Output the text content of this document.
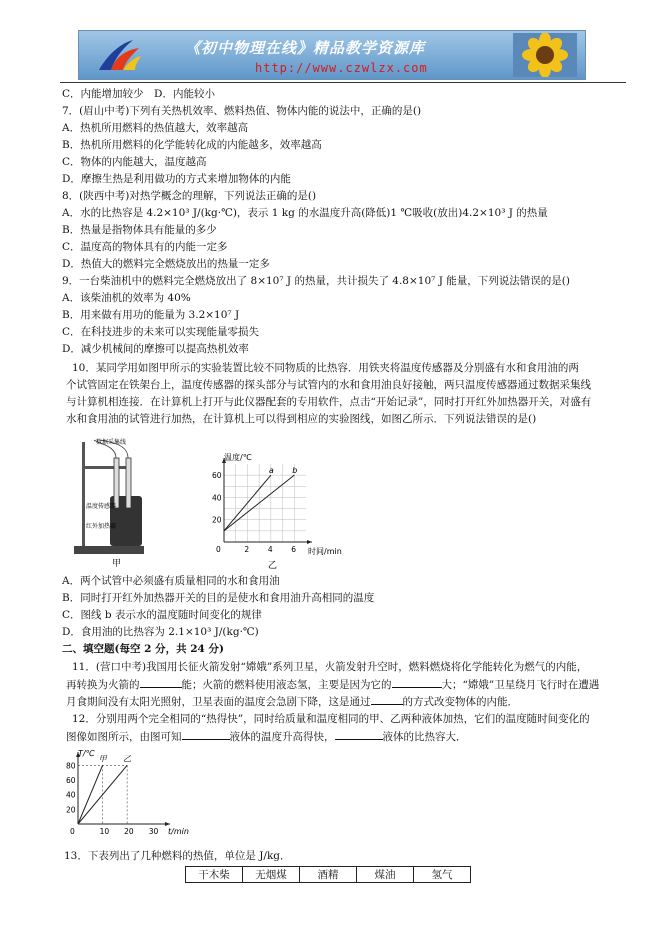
《初中物理在线》精品教学资源库
http://www.czwlzx.com
C．内能增加较少　D．内能较小
7．(眉山中考)下列有关热机效率、燃料热值、物体内能的说法中，正确的是()
A．热机所用燃料的热值越大，效率越高
B．热机所用燃料的化学能转化成的内能越多，效率越高
C．物体的内能越大，温度越高
D．摩擦生热是利用做功的方式来增加物体的内能
8．(陕西中考)对热学概念的理解，下列说法正确的是()
A．水的比热容是 4.2×10³ J/(kg·℃)，表示 1 kg 的水温度升高(降低)1 ℃吸收(放出)4.2×10³ J 的热量
B．热量是指物体具有能量的多少
C．温度高的物体具有的内能一定多
D．热值大的燃料完全燃烧放出的热量一定多
9．一台柴油机中的燃料完全燃烧放出了 8×10⁷ J 的热量，共计损失了 4.8×10⁷ J 能量，下列说法错误的是()
A．该柴油机的效率为 40%
B．用来做有用功的能量为 3.2×10⁷ J
C．在科技进步的未来可以实现能量零损失
D．减少机械间的摩擦可以提高热机效率
10．某同学用如图甲所示的实验装置比较不同物质的比热容．用铁夹将温度传感器及分别盛有水和食用油的两
个试管固定在铁架台上，温度传感器的探头部分与试管内的水和食用油良好接触，两只温度传感器通过数据采集线
与计算机相连接．在计算机上打开与此仪器配套的专用软件，点击“开始记录”，同时打开红外加热器开关，对盛有
水和食用油的试管进行加热，在计算机上可以得到相应的实验图线，如图乙所示．下列说法错误的是()
数据采集线
温度传感器
红外加热器
甲
a b
2 4 6
20
40
60
0
温度/℃
时间/min
乙
A．两个试管中必须盛有质量相同的水和食用油
B．同时打开红外加热器开关的目的是使水和食用油升高相同的温度
C．图线 b 表示水的温度随时间变化的规律
D．食用油的比热容为 2.1×10³ J/(kg·℃)
二、填空题(每空 2 分，共 24 分)
11．(营口中考)我国用长征火箭发射“嫦娥”系列卫星，火箭发射升空时，燃料燃烧将化学能转化为燃气的内能，
再转换为火箭的	能；火箭的燃料使用液态氢，主要是因为它的	大；“嫦娥”卫星绕月飞行时在遭遇
月食期间没有太阳光照射，卫星表面的温度会急剧下降，这是通过	的方式改变物体的内能．
12．分别用两个完全相同的“热得快”，同时给质量和温度相同的甲、乙两种液体加热，它们的温度随时间变化的
图像如图所示，由图可知	液体的温度升高得快，	液体的比热容大．
甲 乙
10 20 30
20
40
60
80
0
T/℃
t/min
13．下表列出了几种燃料的热值，单位是 J/kg．
干木柴	无烟煤	酒精	煤油	氢气
